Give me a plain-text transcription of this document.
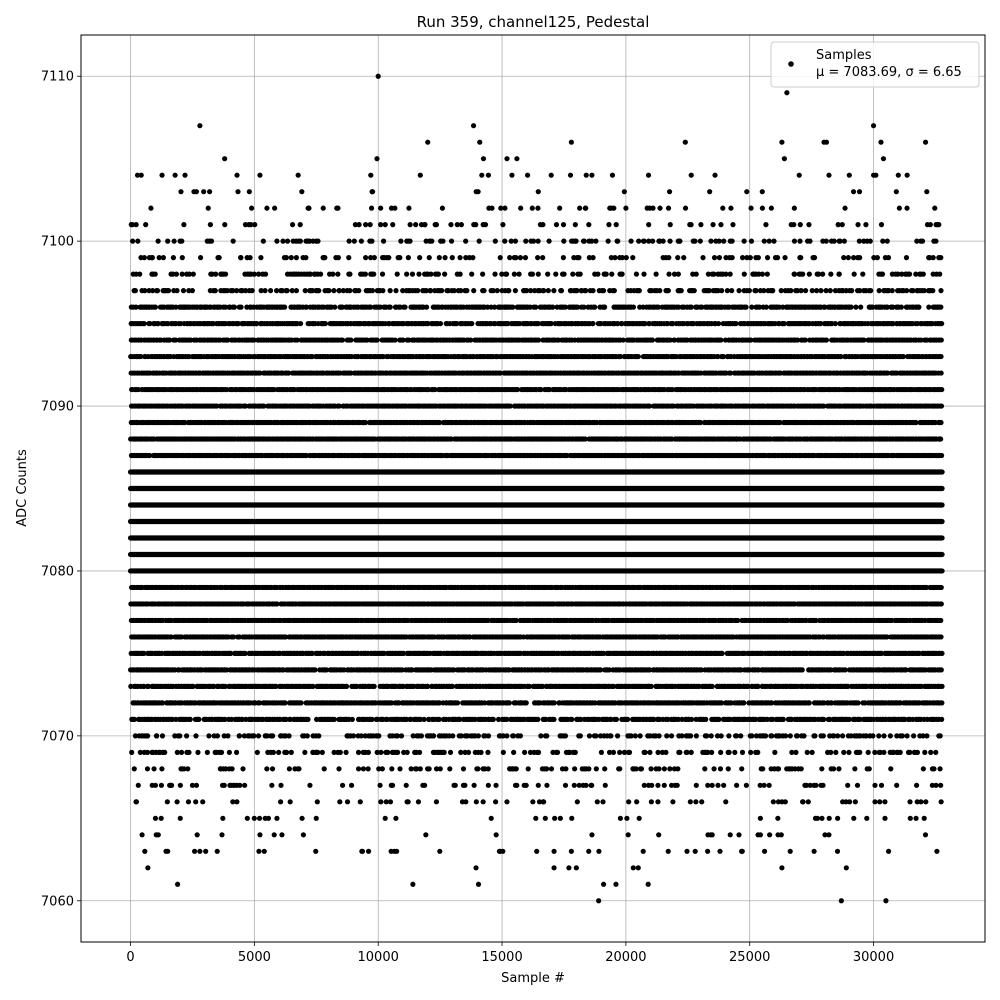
0	5000	10000	15000	20000	25000	30000
7060
7070
7080
7090
7100
7110
Run 359, channel125, Pedestal
Sample #
ADC Counts
Samples
μ = 7083.69, σ = 6.65
